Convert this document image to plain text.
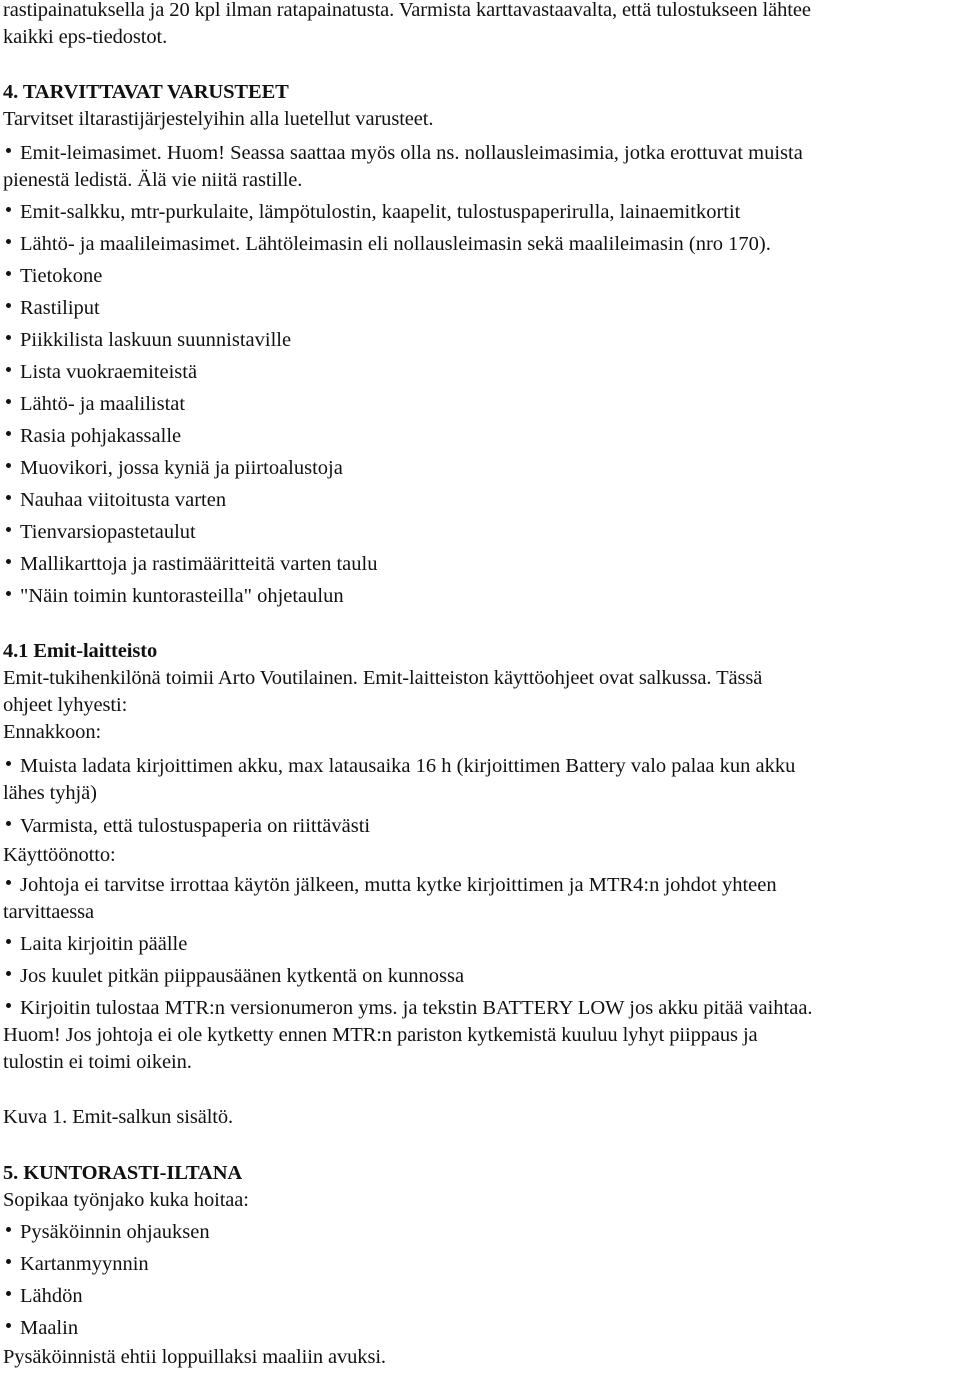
rastipainatuksella ja 20 kpl ilman ratapainatusta. Varmista karttavastaavalta, että tulostukseen lähtee
kaikki eps-tiedostot.
4. TARVITTAVAT VARUSTEET
Tarvitset iltarastijärjestelyihin alla luetellut varusteet.
Emit-leimasimet. Huom! Seassa saattaa myös olla ns. nollausleimasimia, jotka erottuvat muista
pienestä ledistä. Älä vie niitä rastille.
Emit-salkku, mtr-purkulaite, lämpötulostin, kaapelit, tulostuspaperirulla, lainaemitkortit
Lähtö- ja maalileimasimet. Lähtöleimasin eli nollausleimasin sekä maalileimasin (nro 170).
Tietokone
Rastiliput
Piikkilista laskuun suunnistaville
Lista vuokraemiteistä
Lähtö- ja maalilistat
Rasia pohjakassalle
Muovikori, jossa kyniä ja piirtoalustoja
Nauhaa viitoitusta varten
Tienvarsiopastetaulut
Mallikarttoja ja rastimääritteitä varten taulu
"Näin toimin kuntorasteilla" ohjetaulun
4.1 Emit-laitteisto
Emit-tukihenkilönä toimii Arto Voutilainen. Emit-laitteiston käyttöohjeet ovat salkussa. Tässä
ohjeet lyhyesti:
Ennakkoon:
Muista ladata kirjoittimen akku, max latausaika 16 h (kirjoittimen Battery valo palaa kun akku
lähes tyhjä)
Varmista, että tulostuspaperia on riittävästi
Käyttöönotto:
Johtoja ei tarvitse irrottaa käytön jälkeen, mutta kytke kirjoittimen ja MTR4:n johdot yhteen
tarvittaessa
Laita kirjoitin päälle
Jos kuulet pitkän piippausäänen kytkentä on kunnossa
Kirjoitin tulostaa MTR:n versionumeron yms. ja tekstin BATTERY LOW jos akku pitää vaihtaa.
Huom! Jos johtoja ei ole kytketty ennen MTR:n pariston kytkemistä kuuluu lyhyt piippaus ja
tulostin ei toimi oikein.
Kuva 1. Emit-salkun sisältö.
5. KUNTORASTI-ILTANA
Sopikaa työnjako kuka hoitaa:
Pysäköinnin ohjauksen
Kartanmyynnin
Lähdön
Maalin
Pysäköinnistä ehtii loppuillaksi maaliin avuksi.
